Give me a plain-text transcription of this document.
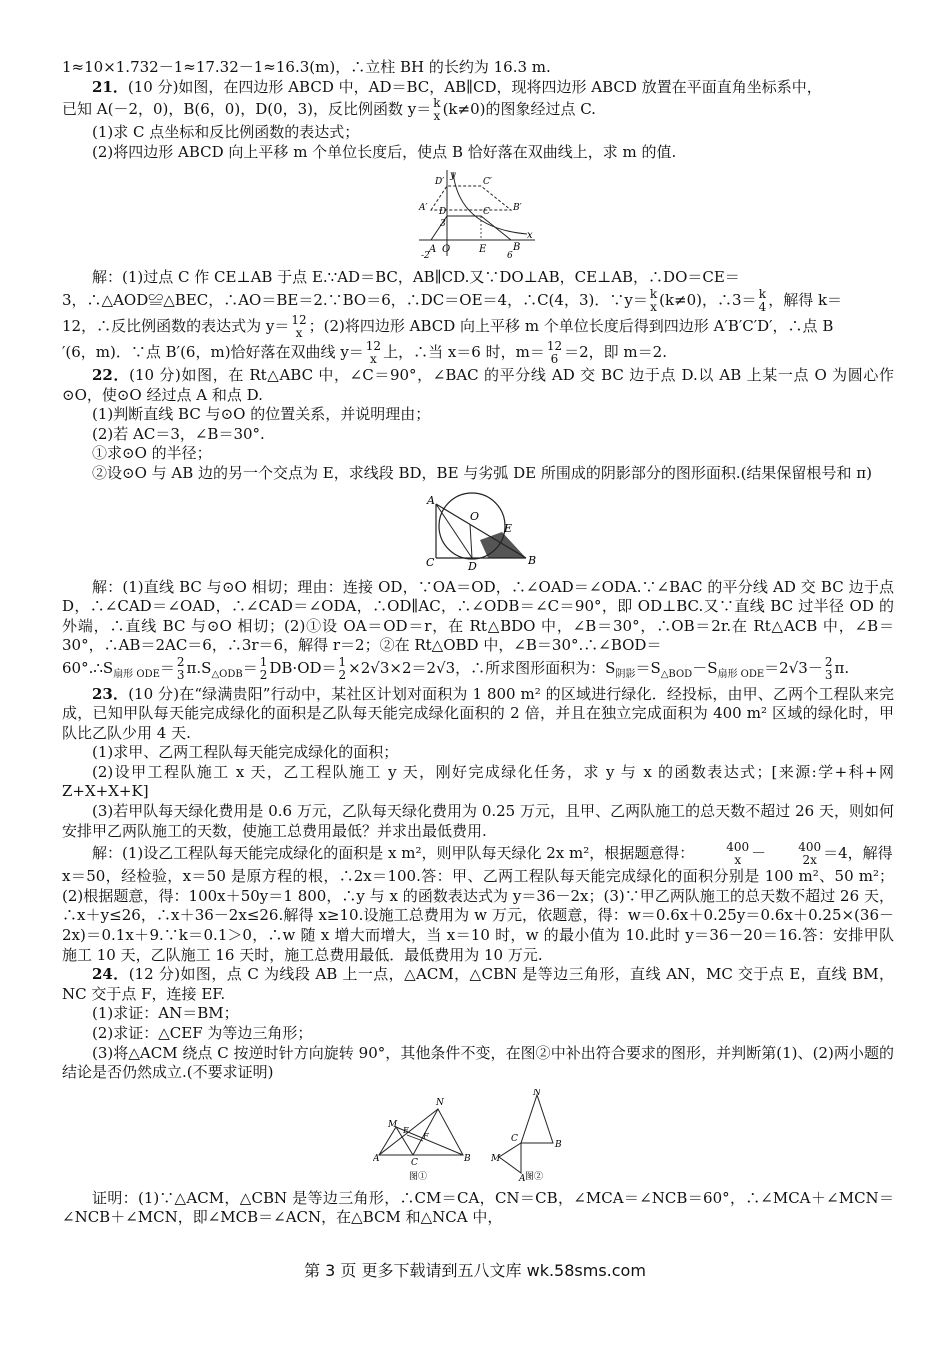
1≈10×1.732－1≈17.32－1≈16.3(m)，∴立柱 BH 的长约为 16.3 m.

21．(10 分)如图，在四边形 ABCD 中，AD＝BC，AB∥CD，现将四边形 ABCD 放置在平面直角坐标系中，

已知 A(－2，0)，B(6，0)，D(0，3)，反比例函数 y＝ k
x (k≠0)的图象经过点 C.

(1)求 C 点坐标和反比例函数的表达式；

(2)将四边形 ABCD 向上平移 m 个单位长度后，使点 B 恰好落在双曲线上，求 m 的值.

A O	E	B
x
y
D	C
D′	C′
B′
A′
3
-2	6

解：(1)过点 C 作 CE⊥AB 于点 E.∵AD＝BC，AB∥CD.又∵DO⊥AB，CE⊥AB，∴DO＝CE＝

3，∴△AOD≌△BEC，∴AO＝BE＝2.∵BO＝6，∴DC＝OE＝4，∴C(4，3)．∵y＝ k
x (k≠0)，∴3＝ k
4 ，解得 k＝

12，∴反比例函数的表达式为 y＝ 12
x ；(2)将四边形 ABCD 向上平移 m 个单位长度后得到四边形 A′B′C′D′，∴点 B

′(6，m)．∵点 B′(6，m)恰好落在双曲线 y＝ 12
x 上，∴当 x＝6 时，m＝ 12
6 ＝2，即 m＝2.

22．(10 分)如图，在 Rt△ABC 中，∠C＝90°，∠BAC 的平分线 AD 交 BC 边于点 D.以 AB 上某一点 O 为圆心作⊙O，使⊙O 经过点 A 和点 D.

(1)判断直线 BC 与⊙O 的位置关系，并说明理由；

(2)若 AC＝3，∠B＝30°.

①求⊙O 的半径；

②设⊙O 与 AB 边的另一个交点为 E，求线段 BD，BE 与劣弧 DE 所围成的阴影部分的图形面积.(结果保留根号和 π)

A
O
E
C	D	B

解：(1)直线 BC 与⊙O 相切；理由：连接 OD，∵OA＝OD，∴∠OAD＝∠ODA.∵∠BAC 的平分线 AD 交 BC 边于点 D，∴∠CAD＝∠OAD，∴∠CAD＝∠ODA，∴OD∥AC，∴∠ODB＝∠C＝90°，即 OD⊥BC.又∵直线 BC 过半径 OD 的外端，∴直线 BC 与⊙O 相切；(2)①设 OA＝OD＝r，在 Rt△BDO 中，∠B＝30°，∴OB＝2r.在 Rt△ACB 中，∠B＝30°，∴AB＝2AC＝6，∴3r＝6，解得 r＝2；②在 Rt△OBD 中，∠B＝30°.∴∠BOD＝

$60^\circ.\therefore S_{扇形 ODE}= 2$
3 $\pi.S_{\triangle ODB}= 1$
2 DB·OD＝ 1
2 ×2√3×2＝2√3，∴所求图形面积为：$S_{阴影}=S_{\triangle BOD}-S_{扇形 ODE}=2√3- 2$
3 π.

23．(10 分)在“绿满贵阳”行动中，某社区计划对面积为 1 800 m² 的区域进行绿化．经投标，由甲、乙两个工程队来完成，已知甲队每天能完成绿化的面积是乙队每天能完成绿化面积的 2 倍，并且在独立完成面积为 400 m² 区域的绿化时，甲队比乙队少用 4 天.

(1)求甲、乙两工程队每天能完成绿化的面积；

(2)设甲工程队施工 x 天，乙工程队施工 y 天，刚好完成绿化任务，求 y 与 x 的函数表达式；[来源:学+科+网 Z+X+X+K]

(3)若甲队每天绿化费用是 0.6 万元，乙队每天绿化费用为 0.25 万元，且甲、乙两队施工的总天数不超过 26 天，则如何安排甲乙两队施工的天数，使施工总费用最低？并求出最低费用.

解：(1)设乙工程队每天能完成绿化的面积是 x m²，则甲队每天绿化 2x m²，根据题意得：	400
x －	400
2x ＝4，解得

x＝50，经检验，x＝50 是原方程的根，∴2x＝100.答：甲、乙两工程队每天能完成绿化的面积分别是 100 m²、50 m²；(2)根据题意，得：100x＋50y＝1 800，∴y 与 x 的函数表达式为 y＝36－2x；(3)∵甲乙两队施工的总天数不超过 26 天，∴x＋y≤26，∴x＋36－2x≤26.解得 x≥10.设施工总费用为 w 万元，依题意，得：w＝0.6x＋0.25y＝0.6x＋0.25×(36－2x)＝0.1x＋9.∵k＝0.1＞0，∴w 随 x 增大而增大，当 x＝10 时，w 的最小值为 10.此时 y＝36－20＝16.答：安排甲队施工 10 天，乙队施工 16 天时，施工总费用最低．最低费用为 10 万元.

24．(12 分)如图，点 C 为线段 AB 上一点，△ACM，△CBN 是等边三角形，直线 AN，MC 交于点 E，直线 BM，NC 交于点 F，连接 EF.

(1)求证：AN＝BM；

(2)求证：△CEF 为等边三角形；

(3)将△ACM 绕点 C 按逆时针方向旋转 90°，其他条件不变，在图②中补出符合要求的图形，并判断第(1)、(2)两小题的结论是否仍然成立.(不要求证明)

N
M
E
F
A	C	B
图①
N
C
M
A
B
图②

证明：(1)∵△ACM，△CBN 是等边三角形，∴CM＝CA，CN＝CB，∠MCA＝∠NCB＝60°，∴∠MCA＋∠MCN＝∠NCB＋∠MCN，即∠MCB＝∠ACN，在△BCM 和△NCA 中，

第 3 页 更多下载请到五八文库 wk.58sms.com
